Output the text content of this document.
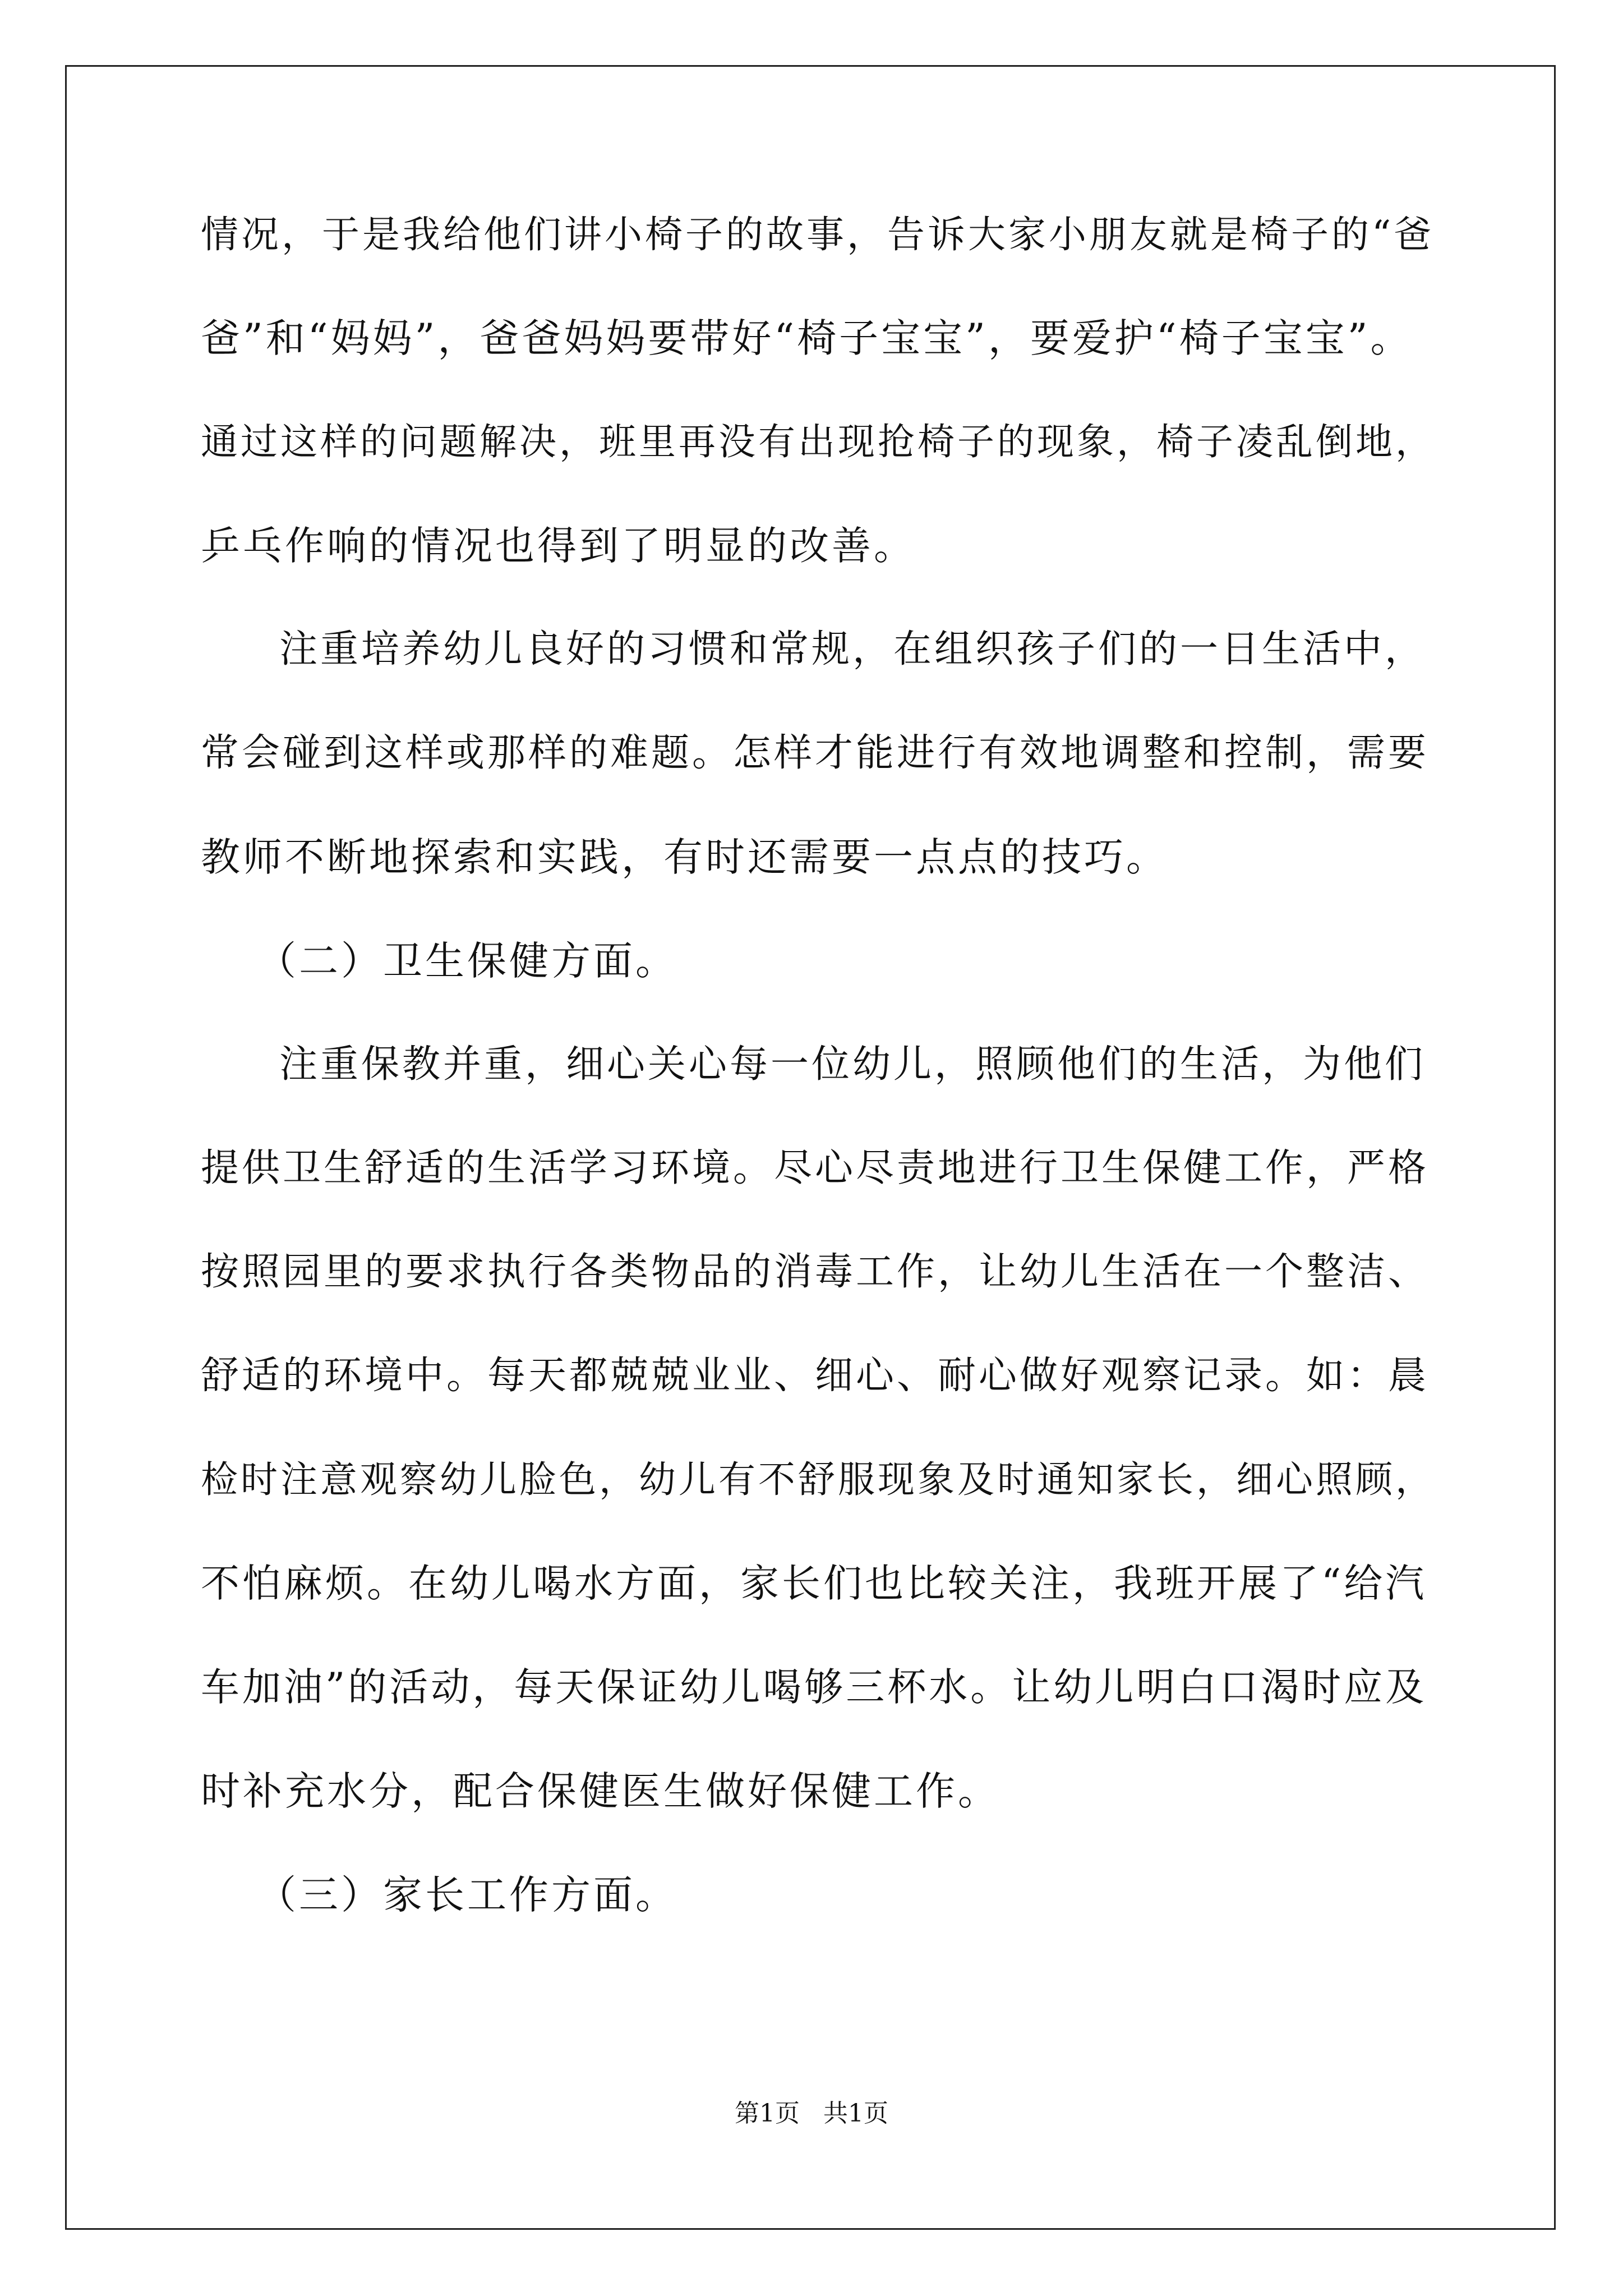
情况，于是我给他们讲小椅子的故事，告诉大家小朋友就是椅子的“爸
爸”和“妈妈”，爸爸妈妈要带好“椅子宝宝”，要爱护“椅子宝宝”。
通过这样的问题解决，班里再没有出现抢椅子的现象，椅子凌乱倒地，
乒乓作响的情况也得到了明显的改善。
注重培养幼儿良好的习惯和常规，在组织孩子们的一日生活中，
常会碰到这样或那样的难题。怎样才能进行有效地调整和控制，需要
教师不断地探索和实践，有时还需要一点点的技巧。
（二）卫生保健方面。
注重保教并重，细心关心每一位幼儿，照顾他们的生活，为他们
提供卫生舒适的生活学习环境。尽心尽责地进行卫生保健工作，严格
按照园里的要求执行各类物品的消毒工作，让幼儿生活在一个整洁、
舒适的环境中。每天都兢兢业业、细心、耐心做好观察记录。如：晨
检时注意观察幼儿脸色，幼儿有不舒服现象及时通知家长，细心照顾，
不怕麻烦。在幼儿喝水方面，家长们也比较关注，我班开展了“给汽
车加油”的活动，每天保证幼儿喝够三杯水。让幼儿明白口渴时应及
时补充水分，配合保健医生做好保健工作。
（三）家长工作方面。
第1页   共1页
